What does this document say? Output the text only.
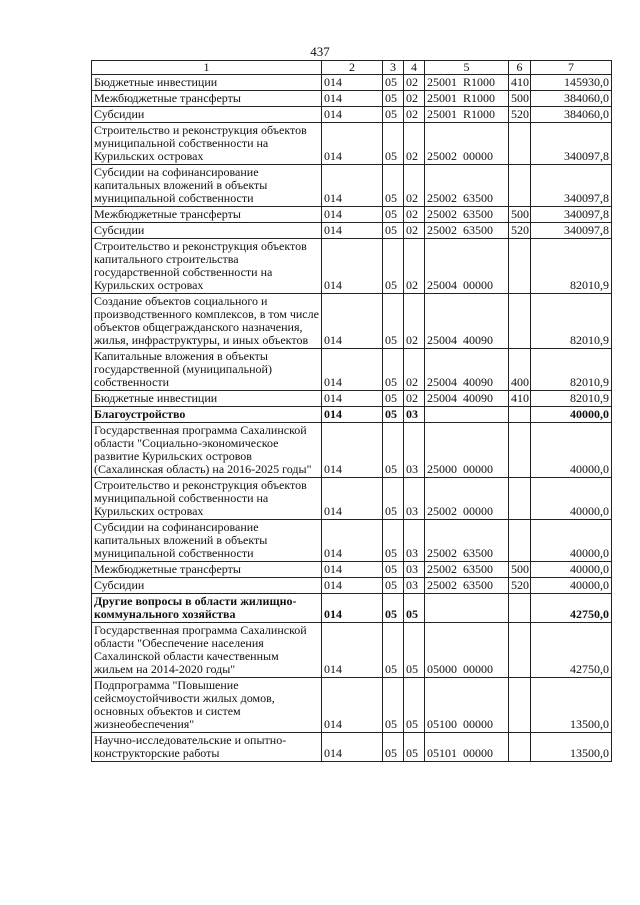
437
1	2	3	4	5	6	7
Бюджетные инвестиции	014	05	02	25001  R1000	410	145930,0
Межбюджетные трансферты	014	05	02	25001  R1000	500	384060,0
Субсидии	014	05	02	25001  R1000	520	384060,0
Строительство и реконструкция объектов муниципальной собственности на Курильских островах	014	05	02	25002  00000		340097,8
Субсидии на софинансирование капитальных вложений в объекты муниципальной собственности	014	05	02	25002  63500		340097,8
Межбюджетные трансферты	014	05	02	25002  63500	500	340097,8
Субсидии	014	05	02	25002  63500	520	340097,8
Строительство и реконструкция объектов капитального строительства государственной собственности на Курильских островах	014	05	02	25004  00000		82010,9
Создание объектов социального и производственного комплексов, в том числе объектов общегражданского назначения, жилья, инфраструктуры, и иных объектов	014	05	02	25004  40090		82010,9
Капитальные вложения в объекты государственной (муниципальной) собственности	014	05	02	25004  40090	400	82010,9
Бюджетные инвестиции	014	05	02	25004  40090	410	82010,9
Благоустройство	014	05	03			40000,0
Государственная программа Сахалинской области "Социально-экономическое развитие Курильских островов (Сахалинская область) на 2016-2025 годы"	014	05	03	25000  00000		40000,0
Строительство и реконструкция объектов муниципальной собственности на Курильских островах	014	05	03	25002  00000		40000,0
Субсидии на софинансирование капитальных вложений в объекты муниципальной собственности	014	05	03	25002  63500		40000,0
Межбюджетные трансферты	014	05	03	25002  63500	500	40000,0
Субсидии	014	05	03	25002  63500	520	40000,0
Другие вопросы в области жилищно-коммунального хозяйства	014	05	05			42750,0
Государственная программа Сахалинской области "Обеспечение населения Сахалинской области качественным жильем на 2014-2020 годы"	014	05	05	05000  00000		42750,0
Подпрограмма "Повышение сейсмоустойчивости жилых домов, основных объектов и систем жизнеобеспечения"	014	05	05	05100  00000		13500,0
Научно-исследовательские и опытно-конструкторские работы	014	05	05	05101  00000		13500,0
